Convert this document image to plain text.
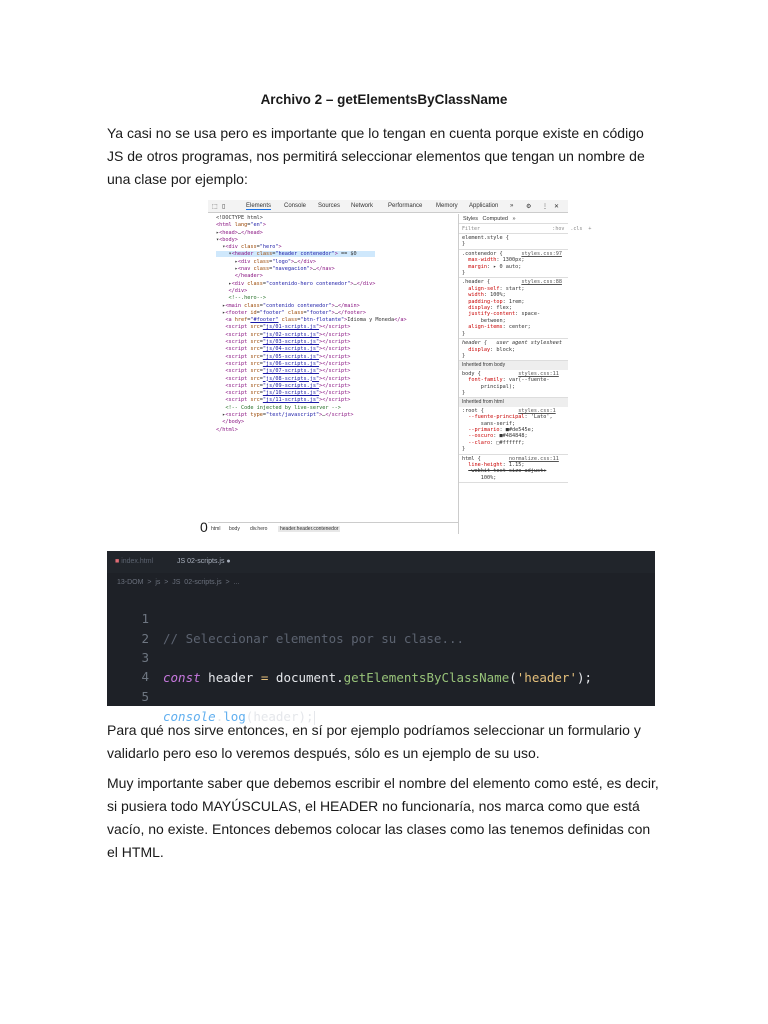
Archivo 2 – getElementsByClassName

Ya casi no se usa pero es importante que lo tengan en cuenta porque existe en código JS de otros programas, nos permitirá seleccionar elementos que tengan un nombre de una clase por ejemplo:

⬚ ▯	Elements Console Sources Network Performance Memory Application » ⚙ ⋮ ✕
<!DOCTYPE html>
<html lang="en">
▸<head>…</head>
▾<body>
▾<div class="hero">
▾<header class="header contenedor"> == $0
▸<div class="logo">…</div>
▸<nav class="navegacion">…</nav>
</header>
▸<div class="contenido-hero contenedor">…</div>
</div>
<!--.hero-->
▸<main class="contenido contenedor">…</main>
▸<footer id="footer" class="footer">…</footer>
<a href="#footer" class="btn-flotante">Idioma y Moneda</a>
<script src="js/01-scripts.js"></script>
<script src="js/02-scripts.js"></script>
<script src="js/03-scripts.js"></script>
<script src="js/04-scripts.js"></script>
<script src="js/05-scripts.js"></script>
<script src="js/06-scripts.js"></script>
<script src="js/07-scripts.js"></script>
<script src="js/08-scripts.js"></script>
<script src="js/09-scripts.js"></script>
<script src="js/10-scripts.js"></script>
<script src="js/11-scripts.js"></script>
<!-- Code injected by live-server -->
▸<script type="text/javascript">…</script>
</body>
</html>
Styles   Computed   »
Filter                        :hov  .cls  +
element.style {
}
.contenedor {      styles.css:97
max-width: 1300px;
margin: ▸ 0 auto;
}
.header {          styles.css:88
align-self: start;
width: 100%;
padding-top: 1rem;
display: flex;
justify-content: space-
between;
align-items: center;
}
header {   user agent stylesheet
display: block;
}
Inherited from body
body {            styles.css:11
font-family: var(--fuente-
principal);
}
Inherited from html
:root {           styles.css:1
--fuente-principal: 'Lato',
sans-serif;
--primario: ■#de545e;
--oscuro: ■#484848;
--claro: □#ffffff;
}
html {         normalize.css:11
line-height: 1.15;
-webkit-text-size-adjust:
100%;
html body div.hero	header.header.contenedor
0
■ index.html	JS 02-scripts.js ●
13-DOM  >  js  >  JS  02-scripts.js  >  ...

1

// Seleccionar elementos por su clase...

2

3

const header = document.getElementsByClassName('header');

4

5

console.log(header);

Para qué nos sirve entonces, en sí por ejemplo podríamos seleccionar un formulario y validarlo pero eso lo veremos después, sólo es un ejemplo de su uso.

Muy importante saber que debemos escribir el nombre del elemento como esté, es decir, si pusiera todo MAYÚSCULAS, el HEADER no funcionaría, nos marca como que está vacío, no existe. Entonces debemos colocar las clases como las tenemos definidas con el HTML.
